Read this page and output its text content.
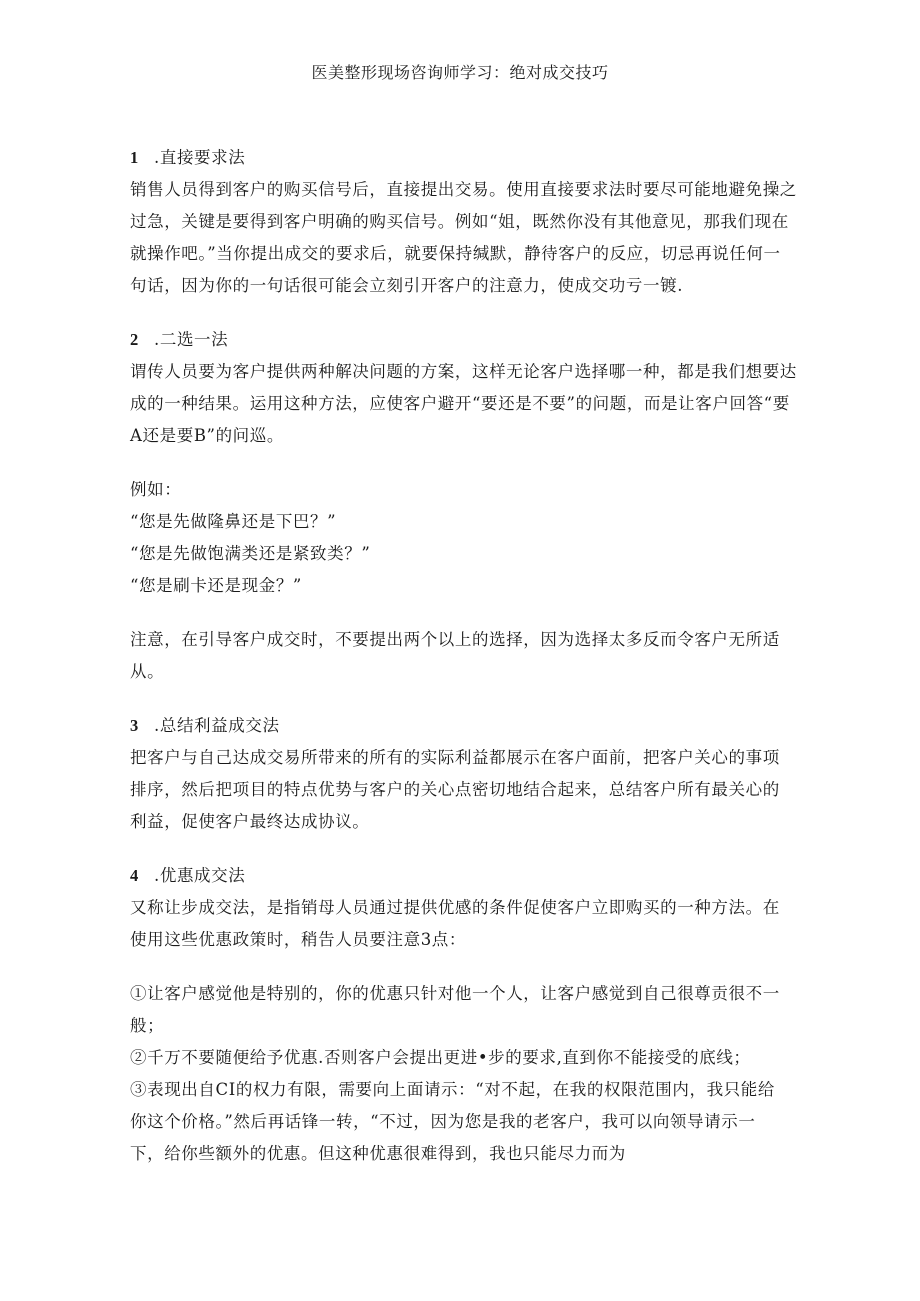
医美整形现场咨询师学习：绝对成交技巧
1 .直接要求法
销售人员得到客户的购买信号后，直接提出交易。使用直接要求法时要尽可能地避免操之
过急，关键是要得到客户明确的购买信号。例如“姐，既然你没有其他意见，那我们现在
就操作吧。”当你提出成交的要求后，就要保持缄默，静待客户的反应，切忌再说任何一
句话，因为你的一句话很可能会立刻引开客户的注意力，使成交功亏一镀.
2 .二选一法
谓传人员要为客户提供两种解决问题的方案，这样无论客户选择哪一种，都是我们想要达
成的一种结果。运用这种方法，应使客户避开“要还是不要”的问题，而是让客户回答“要
A还是要B”的问巡。
例如：
“您是先做隆鼻还是下巴？”
“您是先做饱满类还是紧致类？”
“您是刷卡还是现金？”
注意，在引导客户成交时，不要提出两个以上的选择，因为选择太多反而令客户无所适
从。
3 .总结利益成交法
把客户与自己达成交易所带来的所有的实际利益都展示在客户面前，把客户关心的事项
排序，然后把项目的特点优势与客户的关心点密切地结合起来，总结客户所有最关心的
利益，促使客户最终达成协议。
4 .优惠成交法
又称让步成交法，是指销母人员通过提供优感的条件促使客户立即购买的一种方法。在
使用这些优惠政策时，稍告人员要注意3点：
①让客户感觉他是特别的，你的优惠只针对他一个人，让客户感觉到自己很尊贡很不一
般；
②千万不要随便给予优惠.否则客户会提出更进•步的要求,直到你不能接受的底线；
③表现出自CI的权力有限，需要向上面请示：“对不起，在我的权限范围内，我只能给
你这个价格。”然后再话锋一转，“不过，因为您是我的老客户，我可以向领导请示一
下，给你些额外的优惠。但这种优惠很难得到，我也只能尽力而为
